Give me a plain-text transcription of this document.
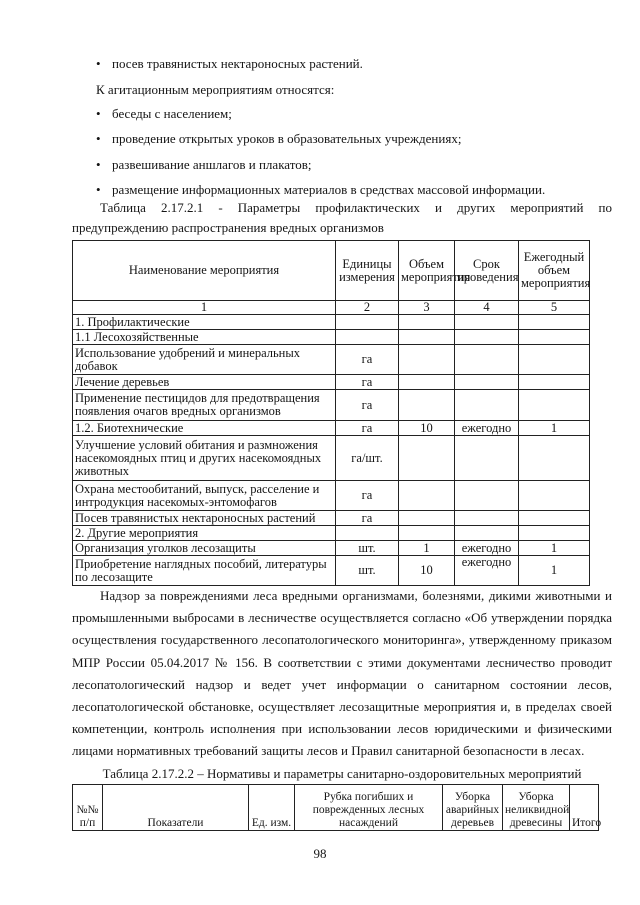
• посев травянистых нектароносных растений.
К агитационным мероприятиям относятся:
• беседы с населением;
• проведение открытых уроков в образовательных учреждениях;
• развешивание аншлагов и плакатов;
• размещение информационных материалов в средствах массовой информации.
Таблица 2.17.2.1 - Параметры профилактических и других мероприятий по
предупреждению распространения вредных организмов
Наименование мероприятия	Единицы измерения	Объем мероприятия	Срок проведения	Ежегодный объем мероприятия
1	2	3	4	5
1. Профилактические				
1.1 Лесохозяйственные				
Использование удобрений и минеральных добавок	га			
Лечение деревьев	га			
Применение пестицидов для предотвращения появления очагов вредных организмов	га			
1.2. Биотехнические	га	10	ежегодно	1
Улучшение условий обитания и размножения насекомоядных птиц и других насекомоядных животных	га/шт.			
Охрана местообитаний, выпуск, расселение и интродукция насекомых-энтомофагов	га			
Посев травянистых нектароносных растений	га			
2. Другие мероприятия				
Организация уголков лесозащиты	шт.	1	ежегодно	1
Приобретение наглядных пособий, литературы по лесозащите	шт.	10	ежегодно	1

Надзор за повреждениями леса вредными организмами, болезнями, дикими животными и промышленными выбросами в лесничестве осуществляется согласно «Об утверждении порядка осуществления государственного лесопатологического мониторинга», утвержденному приказом МПР России 05.04.2017 № 156. В соответствии с этими документами лесничество проводит лесопатологический надзор и ведет учет информации о санитарном состоянии лесов, лесопатологической обстановке, осуществляет лесозащитные мероприятия и, в пределах своей компетенции, контроль исполнения при использовании лесов юридическими и физическими лицами нормативных требований защиты лесов и Правил санитарной безопасности в лесах.

Таблица 2.17.2.2 – Нормативы и параметры санитарно-оздоровительных мероприятий
№№ п/п	Показатели	Ед. изм.	Рубка погибших и поврежденных лесных насаждений	Уборка аварийных деревьев	Уборка неликвидной древесины	Итого
98
